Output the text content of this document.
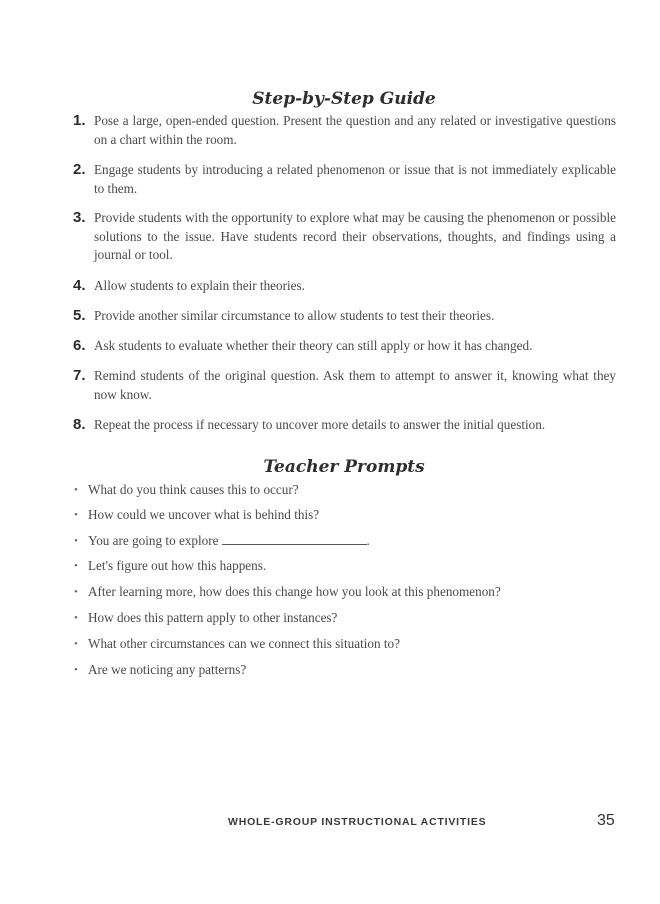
Step-by-Step Guide
1. Pose a large, open-ended question. Present the question and any related or investigative questions on a chart within the room.
2. Engage students by introducing a related phenomenon or issue that is not immediately explicable to them.
3. Provide students with the opportunity to explore what may be causing the phenomenon or possible solutions to the issue. Have students record their observations, thoughts, and findings using a journal or tool.
4. Allow students to explain their theories.
5. Provide another similar circumstance to allow students to test their theories.
6. Ask students to evaluate whether their theory can still apply or how it has changed.
7. Remind students of the original question. Ask them to attempt to answer it, knowing what they now know.
8. Repeat the process if necessary to uncover more details to answer the initial question.
Teacher Prompts
• What do you think causes this to occur?
• How could we uncover what is behind this?
• You are going to explore	.
• Let's figure out how this happens.
• After learning more, how does this change how you look at this phenomenon?
• How does this pattern apply to other instances?
• What other circumstances can we connect this situation to?
• Are we noticing any patterns?
WHOLE-GROUP INSTRUCTIONAL ACTIVITIES	35
